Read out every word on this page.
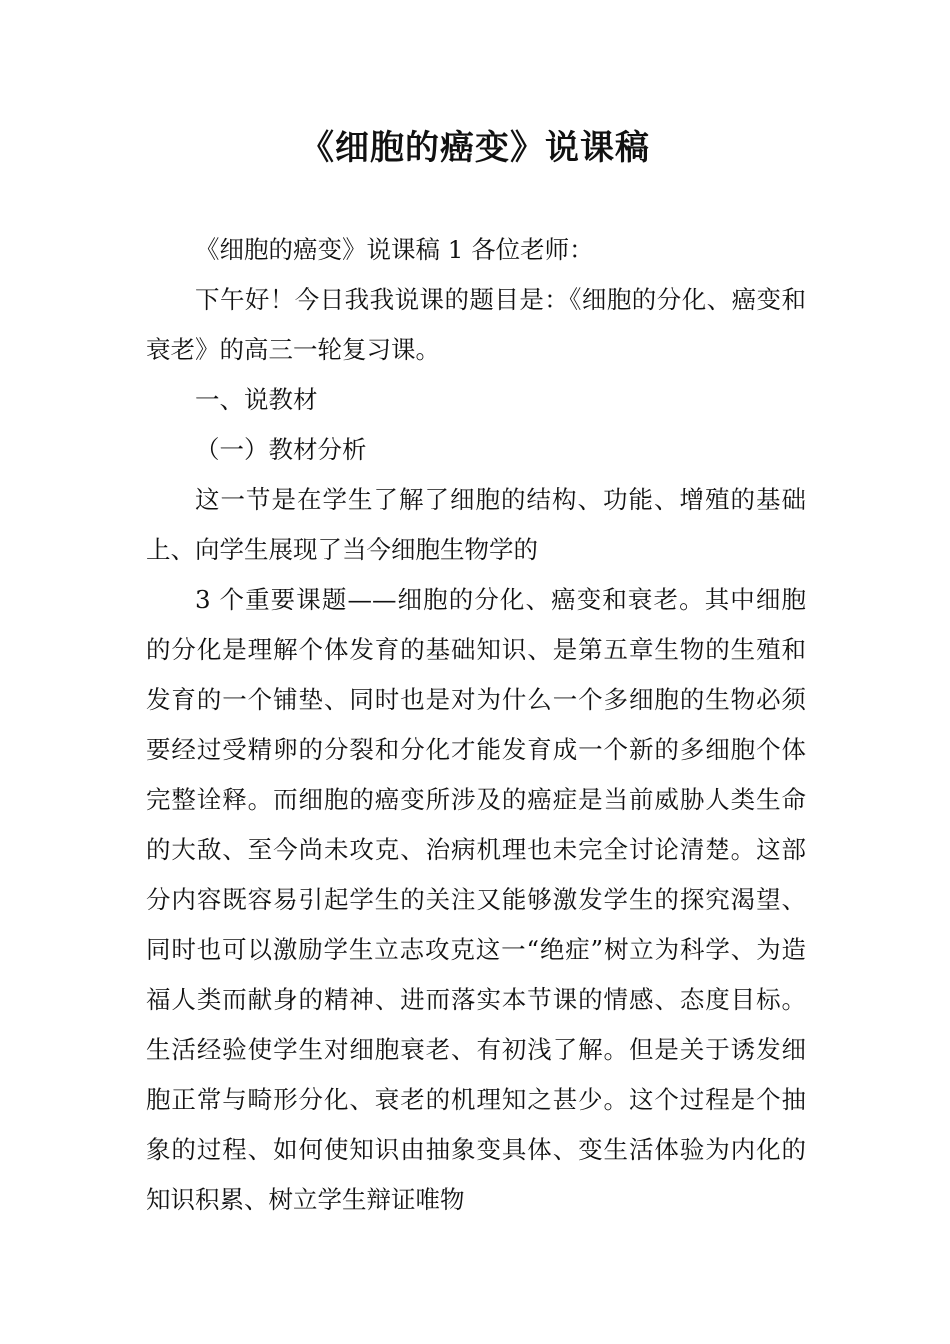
《细胞的癌变》说课稿

《细胞的癌变》说课稿 1 各位老师：

下午好！今日我我说课的题目是：《细胞的分化、癌变和衰老》的高三一轮复习课。

一、说教材

（一）教材分析

这一节是在学生了解了细胞的结构、功能、增殖的基础上、向学生展现了当今细胞生物学的

3 个重要课题——细胞的分化、癌变和衰老。其中细胞的分化是理解个体发育的基础知识、是第五章生物的生殖和发育的一个铺垫、同时也是对为什么一个多细胞的生物必须要经过受精卵的分裂和分化才能发育成一个新的多细胞个体完整诠释。而细胞的癌变所涉及的癌症是当前威胁人类生命的大敌、至今尚未攻克、治病机理也未完全讨论清楚。这部分内容既容易引起学生的关注又能够激发学生的探究渴望、同时也可以激励学生立志攻克这一“绝症”树立为科学、为造福人类而献身的精神、进而落实本节课的情感、态度目标。生活经验使学生对细胞衰老、有初浅了解。但是关于诱发细胞正常与畸形分化、衰老的机理知之甚少。这个过程是个抽象的过程、如何使知识由抽象变具体、变生活体验为内化的知识积累、树立学生辩证唯物
